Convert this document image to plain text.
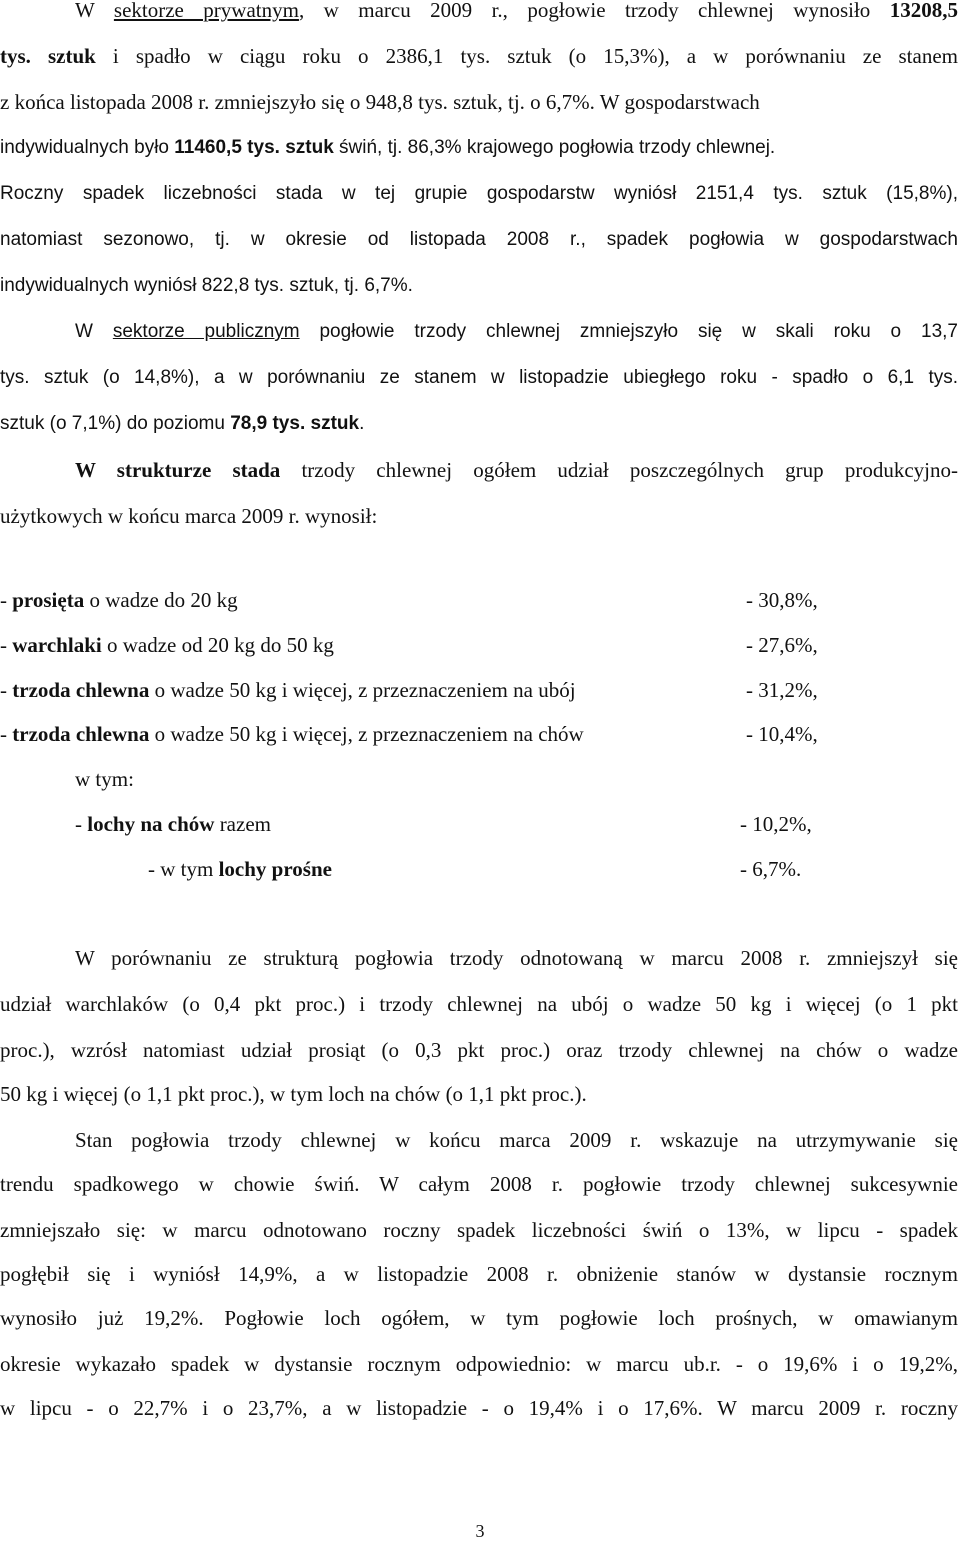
W sektorze prywatnym, w marcu 2009 r., pogłowie trzody chlewnej wynosiło 13208,5
tys. sztuk i spadło w ciągu roku o 2386,1 tys. sztuk (o 15,3%), a w porównaniu ze stanem
z końca listopada 2008 r. zmniejszyło się o 948,8 tys. sztuk, tj. o 6,7%. W gospodarstwach
indywidualnych było 11460,5 tys. sztuk świń, tj. 86,3% krajowego pogłowia trzody chlewnej.
Roczny spadek liczebności stada w tej grupie gospodarstw wyniósł 2151,4 tys. sztuk (15,8%),
natomiast sezonowo, tj. w okresie od listopada 2008 r., spadek pogłowia w gospodarstwach
indywidualnych wyniósł 822,8 tys. sztuk, tj. 6,7%.
W sektorze publicznym pogłowie trzody chlewnej zmniejszyło się w skali roku o 13,7
tys. sztuk (o 14,8%), a w porównaniu ze stanem w listopadzie ubiegłego roku - spadło o 6,1 tys.
sztuk (o 7,1%) do poziomu 78,9 tys. sztuk.
W strukturze stada trzody chlewnej ogółem udział poszczególnych grup produkcyjno-
użytkowych w końcu marca 2009 r. wynosił:
- prosięta o wadze do 20 kg	- 30,8%,
- warchlaki o wadze od 20 kg do 50 kg	- 27,6%,
- trzoda chlewna o wadze 50 kg i więcej, z przeznaczeniem na ubój	- 31,2%,
- trzoda chlewna o wadze 50 kg i więcej, z przeznaczeniem na chów	- 10,4%,
w tym:
- lochy na chów razem	- 10,2%,
- w tym lochy prośne	- 6,7%.
W porównaniu ze strukturą pogłowia trzody odnotowaną w marcu 2008 r. zmniejszył się
udział warchlaków (o 0,4 pkt proc.) i trzody chlewnej na ubój o wadze 50 kg i więcej (o 1 pkt
proc.), wzrósł natomiast udział prosiąt (o 0,3 pkt proc.) oraz trzody chlewnej na chów o wadze
50 kg i więcej (o 1,1 pkt proc.), w tym loch na chów (o 1,1 pkt proc.).
Stan pogłowia trzody chlewnej w końcu marca 2009 r. wskazuje na utrzymywanie się
trendu spadkowego w chowie świń. W całym 2008 r. pogłowie trzody chlewnej sukcesywnie
zmniejszało się: w marcu odnotowano roczny spadek liczebności świń o 13%, w lipcu - spadek
pogłębił się i wyniósł 14,9%, a w listopadzie 2008 r. obniżenie stanów w dystansie rocznym
wynosiło już 19,2%. Pogłowie loch ogółem, w tym pogłowie loch prośnych, w omawianym
okresie wykazało spadek w dystansie rocznym odpowiednio: w marcu ub.r. - o 19,6% i o 19,2%,
w lipcu - o 22,7% i o 23,7%, a w listopadzie - o 19,4% i o 17,6%. W marcu 2009 r. roczny
3
